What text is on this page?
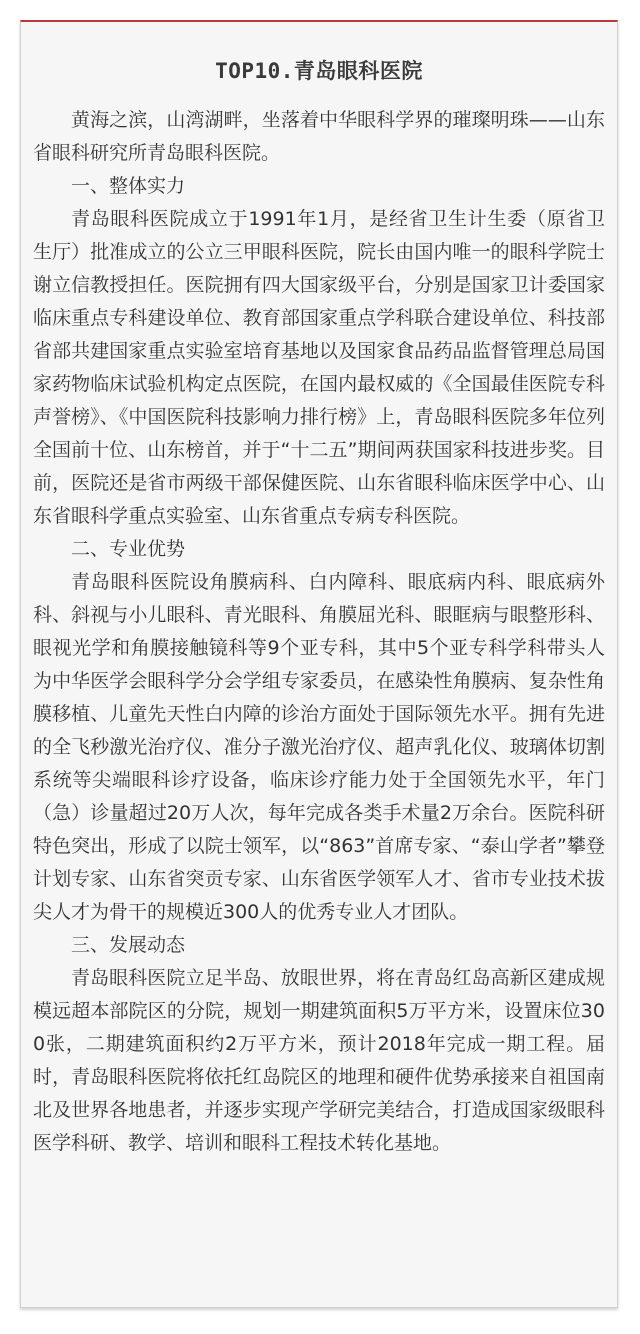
TOP10.青岛眼科医院

黄海之滨，山湾湖畔，坐落着中华眼科学界的璀璨明珠——山东省眼科研究所青岛眼科医院。

一、整体实力

青岛眼科医院成立于1991年1月，是经省卫生计生委（原省卫生厅）批准成立的公立三甲眼科医院，院长由国内唯一的眼科学院士谢立信教授担任。医院拥有四大国家级平台，分别是国家卫计委国家临床重点专科建设单位、教育部国家重点学科联合建设单位、科技部省部共建国家重点实验室培育基地以及国家食品药品监督管理总局国家药物临床试验机构定点医院，在国内最权威的《全国最佳医院专科声誉榜》、《中国医院科技影响力排行榜》上，青岛眼科医院多年位列全国前十位、山东榜首，并于“十二五”期间两获国家科技进步奖。目前，医院还是省市两级干部保健医院、山东省眼科临床医学中心、山东省眼科学重点实验室、山东省重点专病专科医院。

二、专业优势

青岛眼科医院设角膜病科、白内障科、眼底病内科、眼底病外科、斜视与小儿眼科、青光眼科、角膜屈光科、眼眶病与眼整形科、眼视光学和角膜接触镜科等9个亚专科，其中5个亚专科学科带头人为中华医学会眼科学分会学组专家委员，在感染性角膜病、复杂性角膜移植、儿童先天性白内障的诊治方面处于国际领先水平。拥有先进的全飞秒激光治疗仪、准分子激光治疗仪、超声乳化仪、玻璃体切割系统等尖端眼科诊疗设备，临床诊疗能力处于全国领先水平，年门（急）诊量超过20万人次，每年完成各类手术量2万余台。医院科研特色突出，形成了以院士领军，以“863”首席专家、“泰山学者”攀登计划专家、山东省突贡专家、山东省医学领军人才、省市专业技术拔尖人才为骨干的规模近300人的优秀专业人才团队。

三、发展动态

青岛眼科医院立足半岛、放眼世界，将在青岛红岛高新区建成规模远超本部院区的分院，规划一期建筑面积5万平方米，设置床位300张，二期建筑面积约2万平方米，预计2018年完成一期工程。届时，青岛眼科医院将依托红岛院区的地理和硬件优势承接来自祖国南北及世界各地患者，并逐步实现产学研完美结合，打造成国家级眼科医学科研、教学、培训和眼科工程技术转化基地。
